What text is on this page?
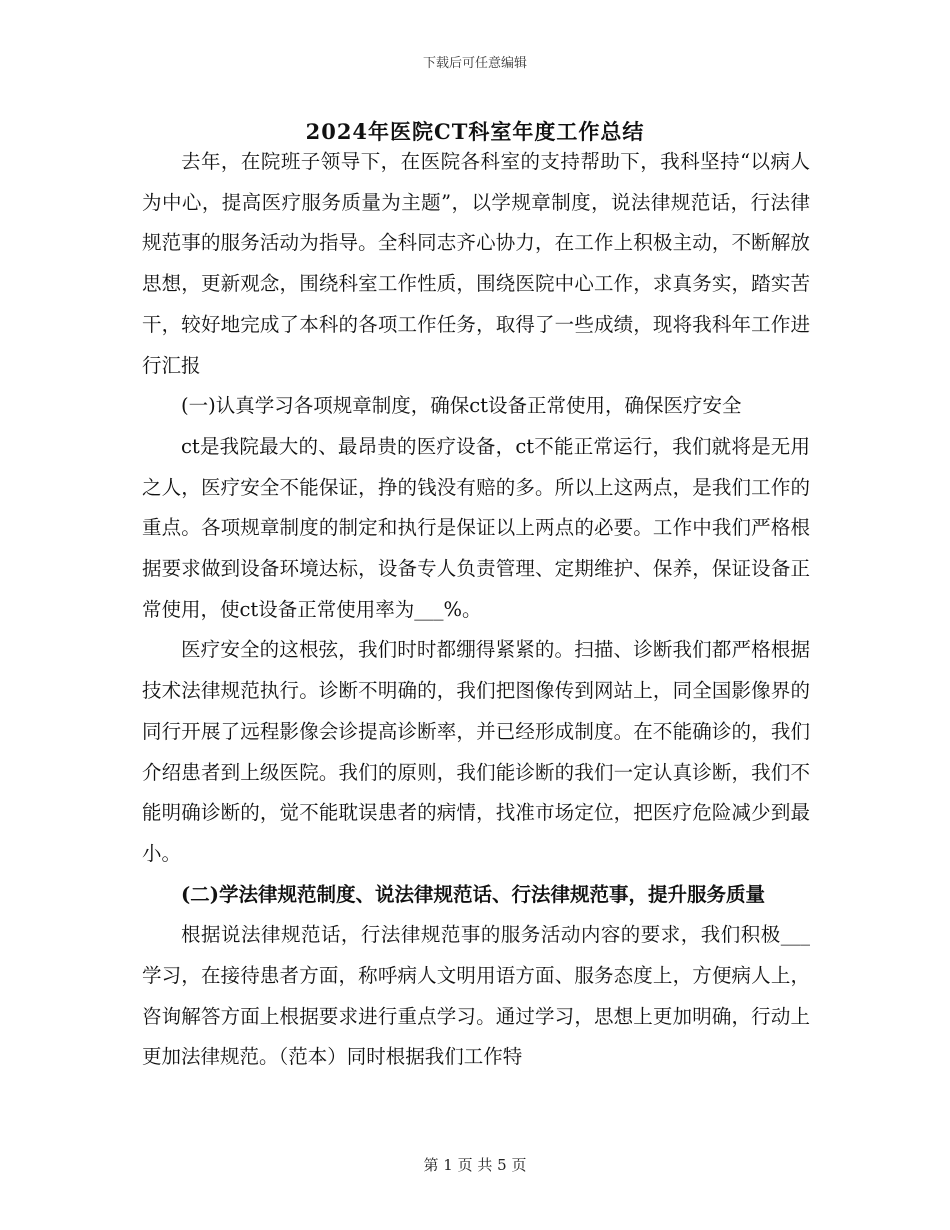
下载后可任意编辑
2024年医院CT科室年度工作总结

去年，在院班子领导下，在医院各科室的支持帮助下，我科坚持“以病人为中心，提高医疗服务质量为主题”，以学规章制度，说法律规范话，行法律规范事的服务活动为指导。全科同志齐心协力，在工作上积极主动，不断解放思想，更新观念，围绕科室工作性质，围绕医院中心工作，求真务实，踏实苦干，较好地完成了本科的各项工作任务，取得了一些成绩，现将我科年工作进行汇报

(一)认真学习各项规章制度，确保ct设备正常使用，确保医疗安全

ct是我院最大的、最昂贵的医疗设备，ct不能正常运行，我们就将是无用之人，医疗安全不能保证，挣的钱没有赔的多。所以上这两点，是我们工作的重点。各项规章制度的制定和执行是保证以上两点的必要。工作中我们严格根据要求做到设备环境达标，设备专人负责管理、定期维护、保养，保证设备正常使用，使ct设备正常使用率为___%。

医疗安全的这根弦，我们时时都绷得紧紧的。扫描、诊断我们都严格根据技术法律规范执行。诊断不明确的，我们把图像传到网站上，同全国影像界的同行开展了远程影像会诊提高诊断率，并已经形成制度。在不能确诊的，我们介绍患者到上级医院。我们的原则，我们能诊断的我们一定认真诊断，我们不能明确诊断的，觉不能耽误患者的病情，找准市场定位，把医疗危险减少到最小。

(二)学法律规范制度、说法律规范话、行法律规范事，提升服务质量

根据说法律规范话，行法律规范事的服务活动内容的要求，我们积极___学习，在接待患者方面，称呼病人文明用语方面、服务态度上，方便病人上，咨询解答方面上根据要求进行重点学习。通过学习，思想上更加明确，行动上更加法律规范。（范本）同时根据我们工作特

第 1 页 共 5 页
